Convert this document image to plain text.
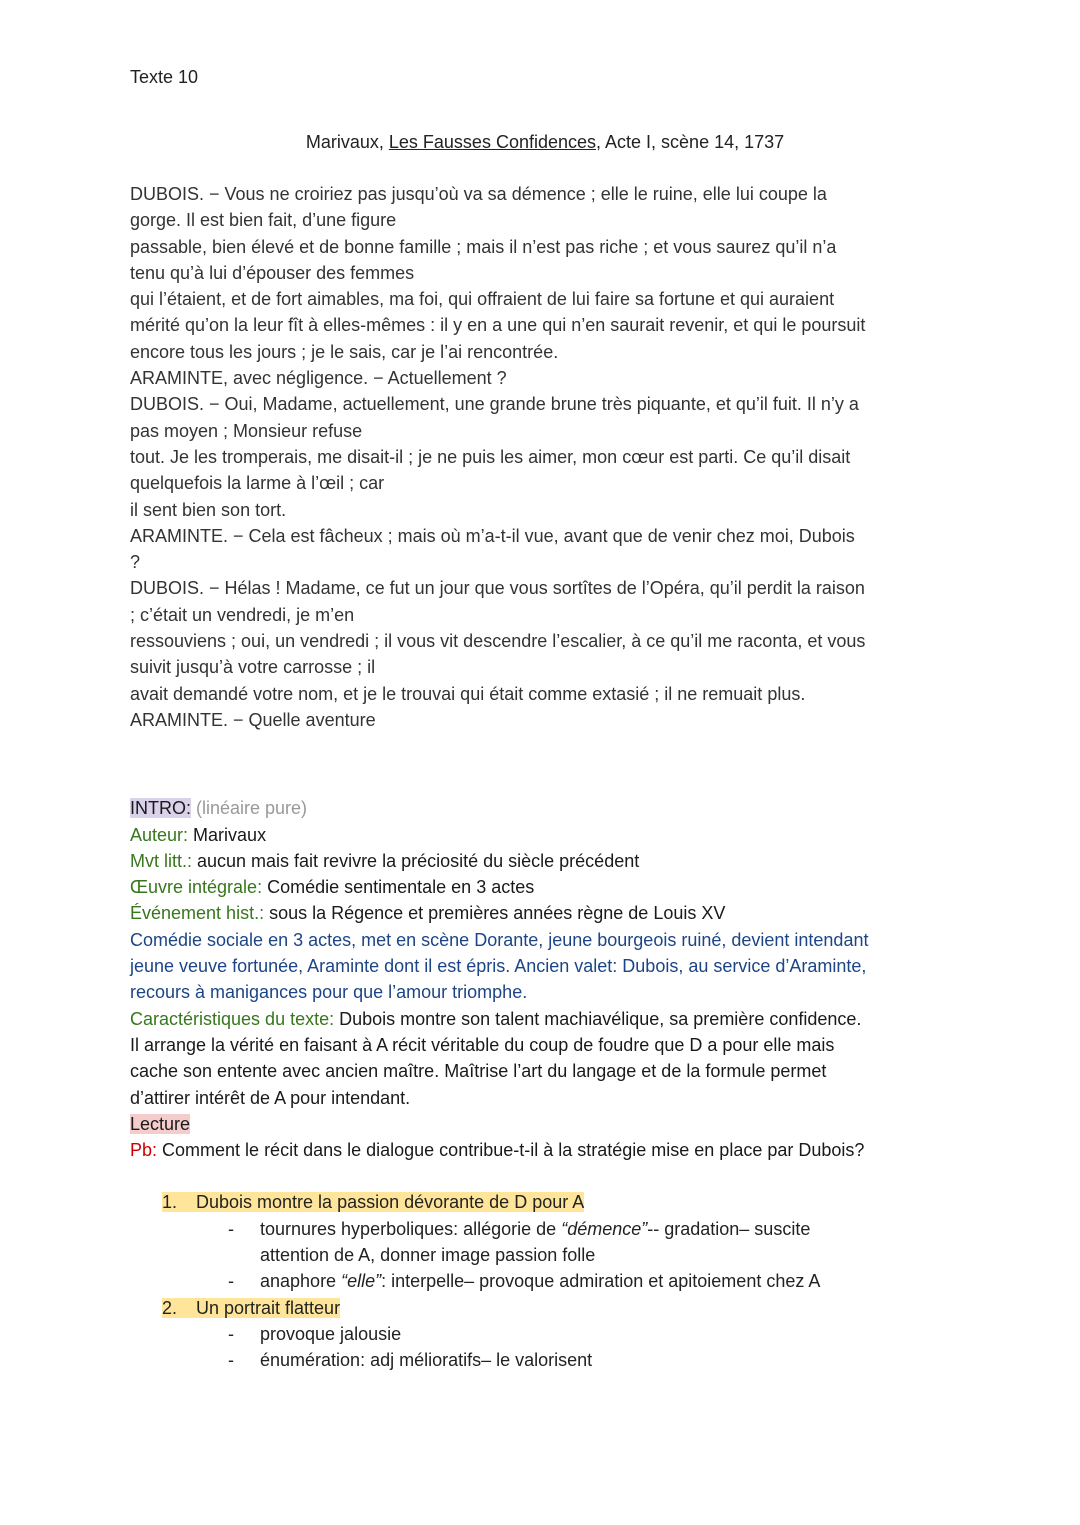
Texte 10
Marivaux, Les Fausses Confidences, Acte I, scène 14, 1737

DUBOIS. − Vous ne croiriez pas jusqu’où va sa démence ; elle le ruine, elle lui coupe la

gorge. Il est bien fait, d’une figure

passable, bien élevé et de bonne famille ; mais il n’est pas riche ; et vous saurez qu’il n’a

tenu qu’à lui d’épouser des femmes

qui l’étaient, et de fort aimables, ma foi, qui offraient de lui faire sa fortune et qui auraient

mérité qu’on la leur fît à elles-mêmes : il y en a une qui n’en saurait revenir, et qui le poursuit

encore tous les jours ; je le sais, car je l’ai rencontrée.

ARAMINTE, avec négligence. − Actuellement ?

DUBOIS. − Oui, Madame, actuellement, une grande brune très piquante, et qu’il fuit. Il n’y a

pas moyen ; Monsieur refuse

tout. Je les tromperais, me disait-il ; je ne puis les aimer, mon cœur est parti. Ce qu’il disait

quelquefois la larme à l’œil ; car

il sent bien son tort.

ARAMINTE. − Cela est fâcheux ; mais où m’a-t-il vue, avant que de venir chez moi, Dubois

?

DUBOIS. − Hélas ! Madame, ce fut un jour que vous sortîtes de l’Opéra, qu’il perdit la raison

; c’était un vendredi, je m’en

ressouviens ; oui, un vendredi ; il vous vit descendre l’escalier, à ce qu’il me raconta, et vous

suivit jusqu’à votre carrosse ; il

avait demandé votre nom, et je le trouvai qui était comme extasié ; il ne remuait plus.

ARAMINTE. − Quelle aventure

INTRO: (linéaire pure)

Auteur: Marivaux

Mvt litt.: aucun mais fait revivre la préciosité du siècle précédent

Œuvre intégrale: Comédie sentimentale en 3 actes

Événement hist.: sous la Régence et premières années règne de Louis XV

Comédie sociale en 3 actes, met en scène Dorante, jeune bourgeois ruiné, devient intendant

jeune veuve fortunée, Araminte dont il est épris. Ancien valet: Dubois, au service d’Araminte,

recours à manigances pour que l’amour triomphe.

Caractéristiques du texte: Dubois montre son talent machiavélique, sa première confidence.

Il arrange la vérité en faisant à A récit véritable du coup de foudre que D a pour elle mais

cache son entente avec ancien maître. Maîtrise l’art du langage et de la formule permet

d’attirer intérêt de A pour intendant.

Lecture

Pb: Comment le récit dans le dialogue contribue-t-il à la stratégie mise en place par Dubois?

1. Dubois montre la passion dévorante de D pour A
- tournures hyperboliques: allégorie de “démence”-- gradation– suscite
attention de A, donner image passion folle
- anaphore “elle”: interpelle– provoque admiration et apitoiement chez A
2. Un portrait flatteur
- provoque jalousie
- énumération: adj mélioratifs– le valorisent
